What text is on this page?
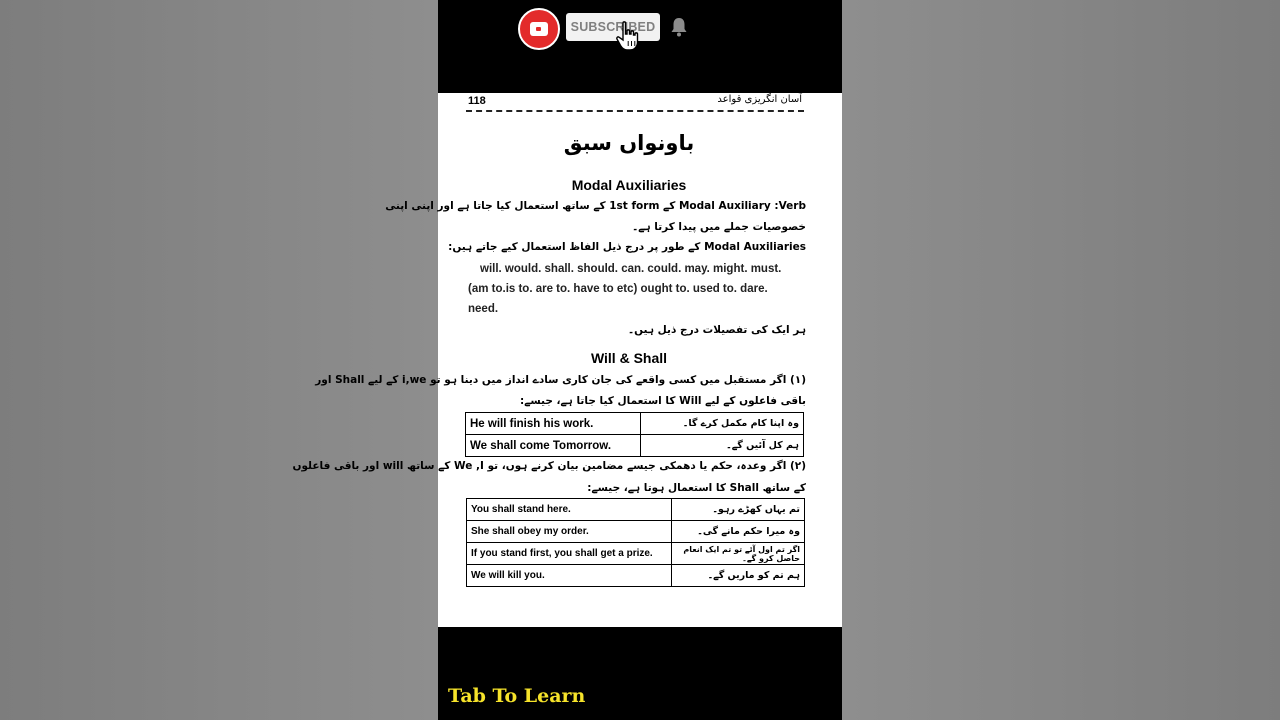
SUBSCRIBED
118	آسان انگریزی قواعد
باونواں سبق
Modal Auxiliaries
Modal Auxiliary :Verb کے 1st form کے ساتھ استعمال کیا جاتا ہے اور اپنی اپنی
خصوصیات جملے میں پیدا کرتا ہے۔
Modal Auxiliaries کے طور پر درج ذیل الفاظ استعمال کیے جاتے ہیں:
will. would. shall. should. can. could. may. might. must.
(am to.is to. are to. have to etc) ought to. used to. dare.
need.
ہر ایک کی تفصیلات درج ذیل ہیں۔
Will & Shall
(۱) اگر مستقبل میں کسی واقعے کی جان کاری سادے انداز میں دینا ہو تو i,we کے لیے Shall اور
باقی فاعلوں کے لیے Will کا استعمال کیا جاتا ہے، جیسے:
He will finish his work.	وہ اپنا کام مکمل کرے گا۔
We shall come Tomorrow.	ہم کل آئیں گے۔
(۲) اگر وعدہ، حکم یا دھمکی جیسے مضامین بیان کرنے ہوں، تو We ,I کے ساتھ will اور باقی فاعلوں
کے ساتھ Shall کا استعمال ہوتا ہے، جیسے:
You shall stand here.	تم یہاں کھڑے رہو۔
She shall obey my order.	وہ میرا حکم مانے گی۔
If you stand first, you shall get a prize.	اگر تم اول آئے تو تم ایک انعام حاصل کرو گے۔
We will kill you.	ہم تم کو ماریں گے۔
Tab To Learn
